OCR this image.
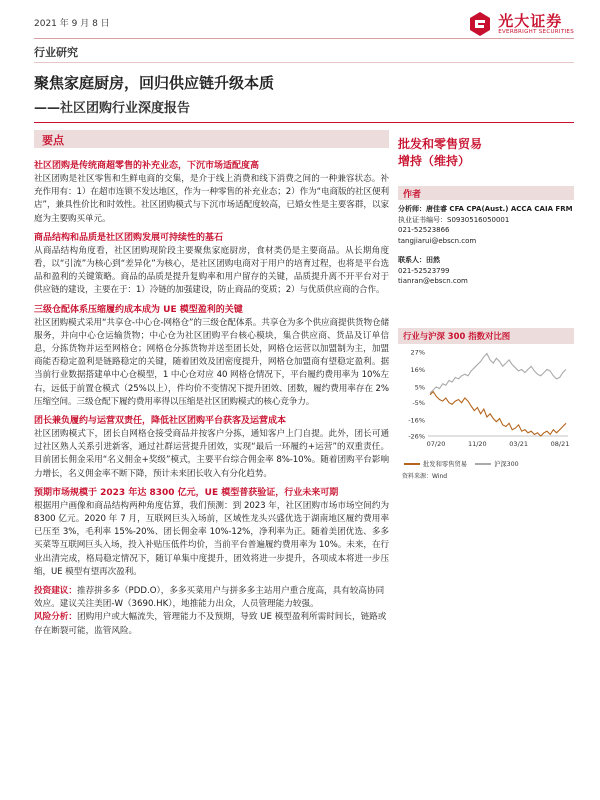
2021 年 9 月 8 日	光大证券
EVERBRIGHT SECURITIES
行业研究
聚焦家庭厨房，回归供应链升级本质
——社区团购行业深度报告
要点
社区团购是传统商超零售的补充业态，下沉市场适配度高
社区团购是社区零售和生鲜电商的交集，是介于线上消费和线下消费之间的一种兼容状态。补充作用有：1）在超市连锁不发达地区，作为一种零售的补充业态；2）作为“电商版的社区便利店”，兼具性价比和时效性。社区团购模式与下沉市场适配度较高，已婚女性是主要客群，以家庭为主要购买单元。
商品结构和品质是社区团购发展可持续性的基石
从商品结构角度看，社区团购现阶段主要聚焦家庭厨房，食材类仍是主要商品。从长期角度看，以“引流”为核心到“差异化”为核心，是社区团购电商对于用户的培育过程，也将是平台选品和盈利的关键策略。商品的品质是提升复购率和用户留存的关键，品质提升离不开平台对于供应链的建设，主要在于：1）冷链的加强建设，防止商品的变质；2）与优质供应商的合作。
三级仓配体系压缩履约成本成为 UE 模型盈利的关键
社区团购模式采用“共享仓-中心仓-网格仓”的三级仓配体系。共享仓为多个供应商提供货物仓储服务，并向中心仓运输货物；中心仓为社区团购平台核心模块，集合供应商、货品及订单信息，分拣货物并运至网格仓；网格仓分拣货物并送至团长处，网格仓运营以加盟制为主，加盟商能否稳定盈利是链路稳定的关键，随着团效及团密度提升，网格仓加盟商有望稳定盈利。据当前行业数据搭建单中心仓模型，1 中心仓对应 40 网格仓情况下，平台履约费用率为 10%左右，远低于前置仓模式（25%以上），件均价不变情况下提升团效、团数，履约费用率存在 2%压缩空间。三级仓配下履约费用率得以压缩是社区团购模式的核心竞争力。
团长兼负履约与运营双责任，降低社区团购平台获客及运营成本
社区团购模式下，团长自网格仓接受商品并按客户分拣，通知客户上门自提。此外，团长可通过社区熟人关系引进新客，通过社群运营提升团效，实现“最后一环履约+运营”的双重责任。目前团长佣金采用“名义佣金+奖级”模式，主要平台综合佣金率 8%-10%。随着团购平台影响力增长，名义佣金率不断下降，预计未来团长收入有分化趋势。
预期市场规模于 2023 年达 8300 亿元，UE 模型普获验证，行业未来可期
根据用户画像和商品结构两种角度估算，我们预测：到 2023 年，社区团购市场市场空间约为 8300 亿元。2020 年 7 月，互联网巨头入场前，区域性龙头兴盛优选于湖南地区履约费用率已压至 3%，毛利率 15%-20%、团长佣金率 10%-12%，净利率为正。随着美团优选、多多买菜等互联网巨头入场，投入补贴压低件均价，当前平台普遍履约费用率为 10%。未来，在行业出清完成，格局稳定情况下，随订单集中度提升，团效将进一步提升，各项成本将进一步压缩，UE 模型有望再次盈利。
投资建议：推荐拼多多（PDD.O），多多买菜用户与拼多多主站用户重合度高，具有较高协同效应。建议关注美团-W（3690.HK），地推能力出众，人员管理能力较强。
风险分析：团购用户或大幅流失，管理能力不及预期，导致 UE 模型盈利所需时间长，链路或存在断裂可能，监管风险。
批发和零售贸易
增持（维持）
作者
分析师：唐佳睿 CFA CPA(Aust.) ACCA CAIA FRM
执业证书编号：S0930516050001
021-52523866
tangjiarui@ebscn.com
联系人：田然
021-52523799
tianran@ebscn.com
行业与沪深 300 指数对比图
27%
16%
5%
-5%
-16%
-26%
07/20	11/20	03/21	08/21
批发和零售贸易	沪深300
资料来源：Wind
